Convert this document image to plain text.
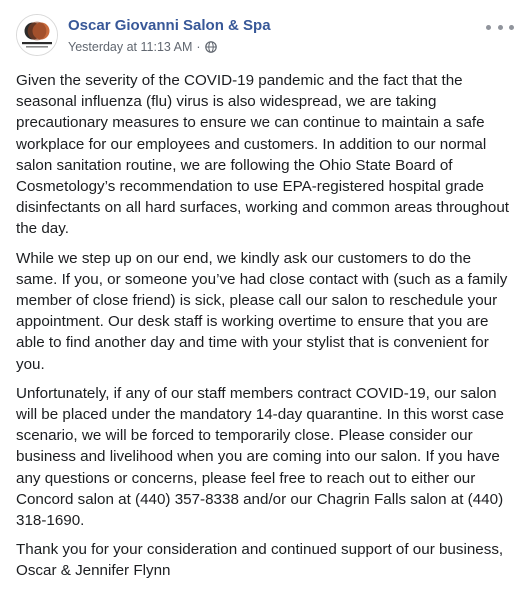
Oscar Giovanni Salon & Spa
Yesterday at 11:13 AM ·

Given the severity of the COVID-19 pandemic and the fact that the seasonal influenza (flu) virus is also widespread, we are taking precautionary measures to ensure we can continue to maintain a safe workplace for our employees and customers. In addition to our normal salon sanitation routine, we are following the Ohio State Board of Cosmetology’s recommendation to use EPA-registered hospital grade disinfectants on all hard surfaces, working and common areas throughout the day.

While we step up on our end, we kindly ask our customers to do the same. If you, or someone you’ve had close contact with (such as a family member of close friend) is sick, please call our salon to reschedule your appointment. Our desk staff is working overtime to ensure that you are able to find another day and time with your stylist that is convenient for you.

Unfortunately, if any of our staff members contract COVID-19, our salon will be placed under the mandatory 14-day quarantine. In this worst case scenario, we will be forced to temporarily close. Please consider our business and livelihood when you are coming into our salon. If you have any questions or concerns, please feel free to reach out to either our Concord salon at (440) 357-8338 and/or our Chagrin Falls salon at (440) 318-1690.

Thank you for your consideration and continued support of our business,
Oscar & Jennifer Flynn
